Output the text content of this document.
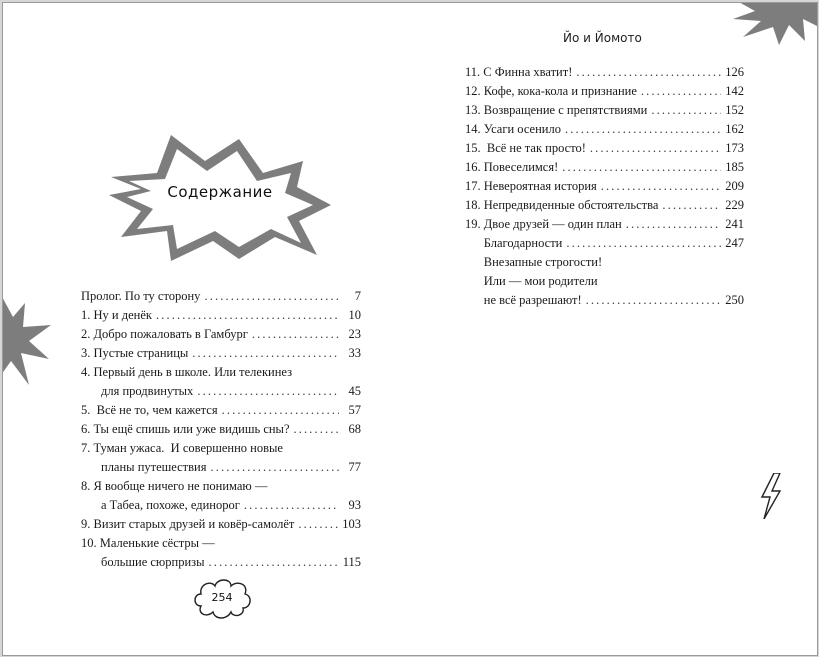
Содержание
Йо и Йомото
Пролог. По ту сторону . . .	7
1. Ну и денёк . . .	10
2. Добро пожаловать в Гамбург . . .	23
3. Пустые страницы . . .	33
4. Первый день в школе. Или телекинез
для продвинутых . . .	45
5.  Всё не то, чем кажется . . .	57
6. Ты ещё спишь или уже видишь сны? . . .	68
7. Туман ужаса.  И совершенно новые
планы путешествия . . .	77
8. Я вообще ничего не понимаю —
а Табеа, похоже, единорог . . .	93
9. Визит старых друзей и ковёр-самолёт . . .	103
10. Маленькие сёстры —
большие сюрпризы . . .	115
11. С Финна хватит! . . .	126
12. Кофе, кока-кола и признание . . .	142
13. Возвращение с препятствиями . . .	152
14. Усаги осенило . . .	162
15.  Всё не так просто! . . .	173
16. Повеселимся! . . .	185
17. Невероятная история . . .	209
18. Непредвиденные обстоятельства . . .	229
19. Двое друзей — один план . . .	241
Благодарности . . .	247
Внезапные строгости!
Или — мои родители
не всё разрешают! . . .	250
254
